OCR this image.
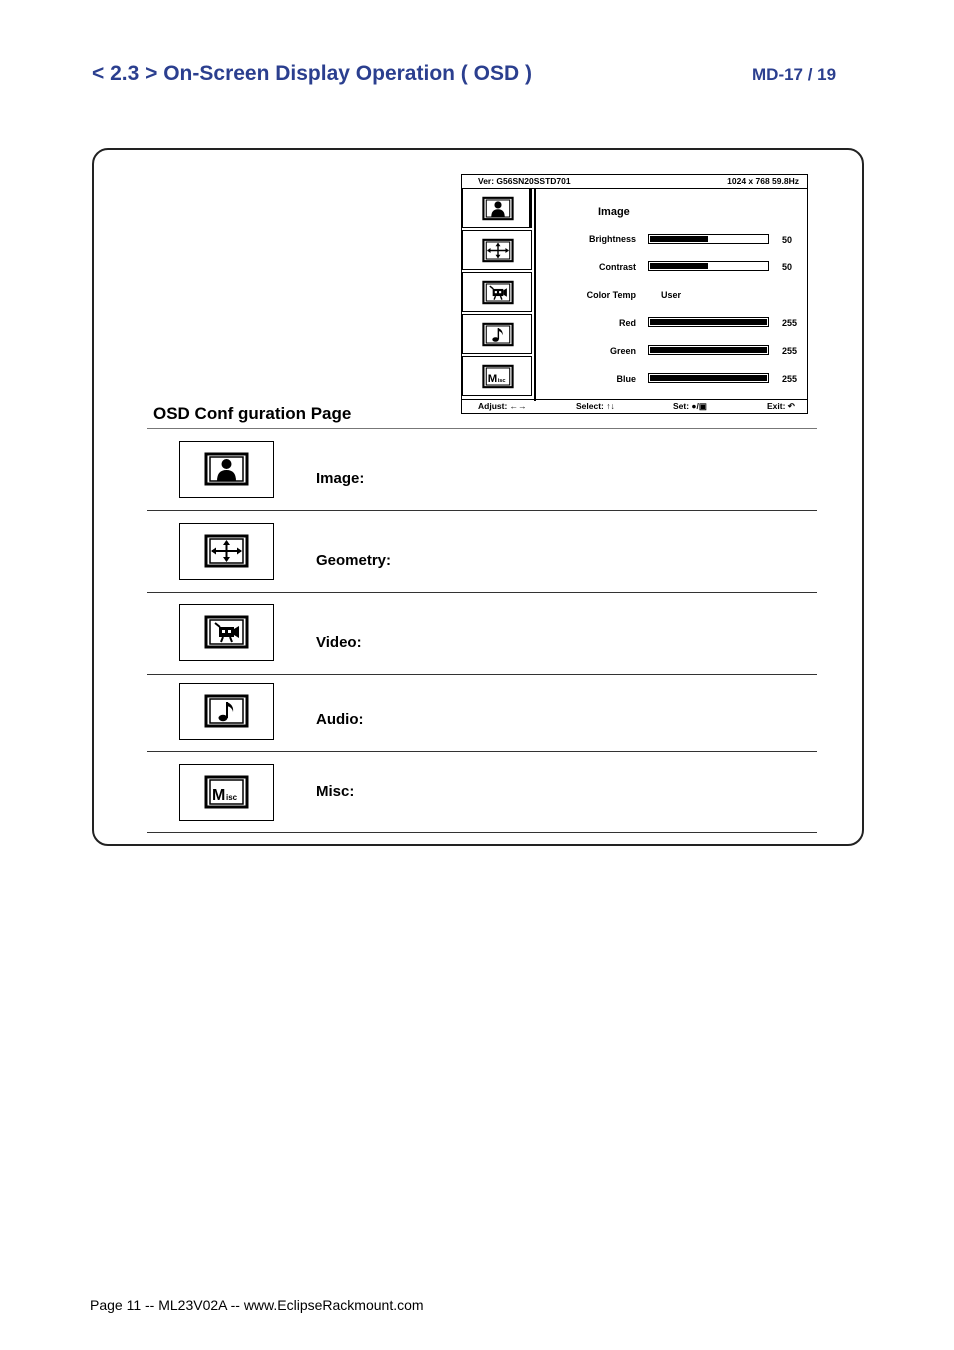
< 2.3 > On-Screen Display Operation ( OSD )	MD-17 / 19
Ver: G56SN20SSTD701	1024 x 768 59.8Hz
M isc
Image
Brightness	50
Contrast	50
Color Temp	User
Red	255
Green	255
Blue	255
Adjust: ←→	Select: ↑↓	Set: ●/▣	Exit: ↶
OSD Conf guration Page
Image:
Geometry:
Video:
Audio:
M isc	Misc:
Page 11 -- ML23V02A -- www.EclipseRackmount.com
